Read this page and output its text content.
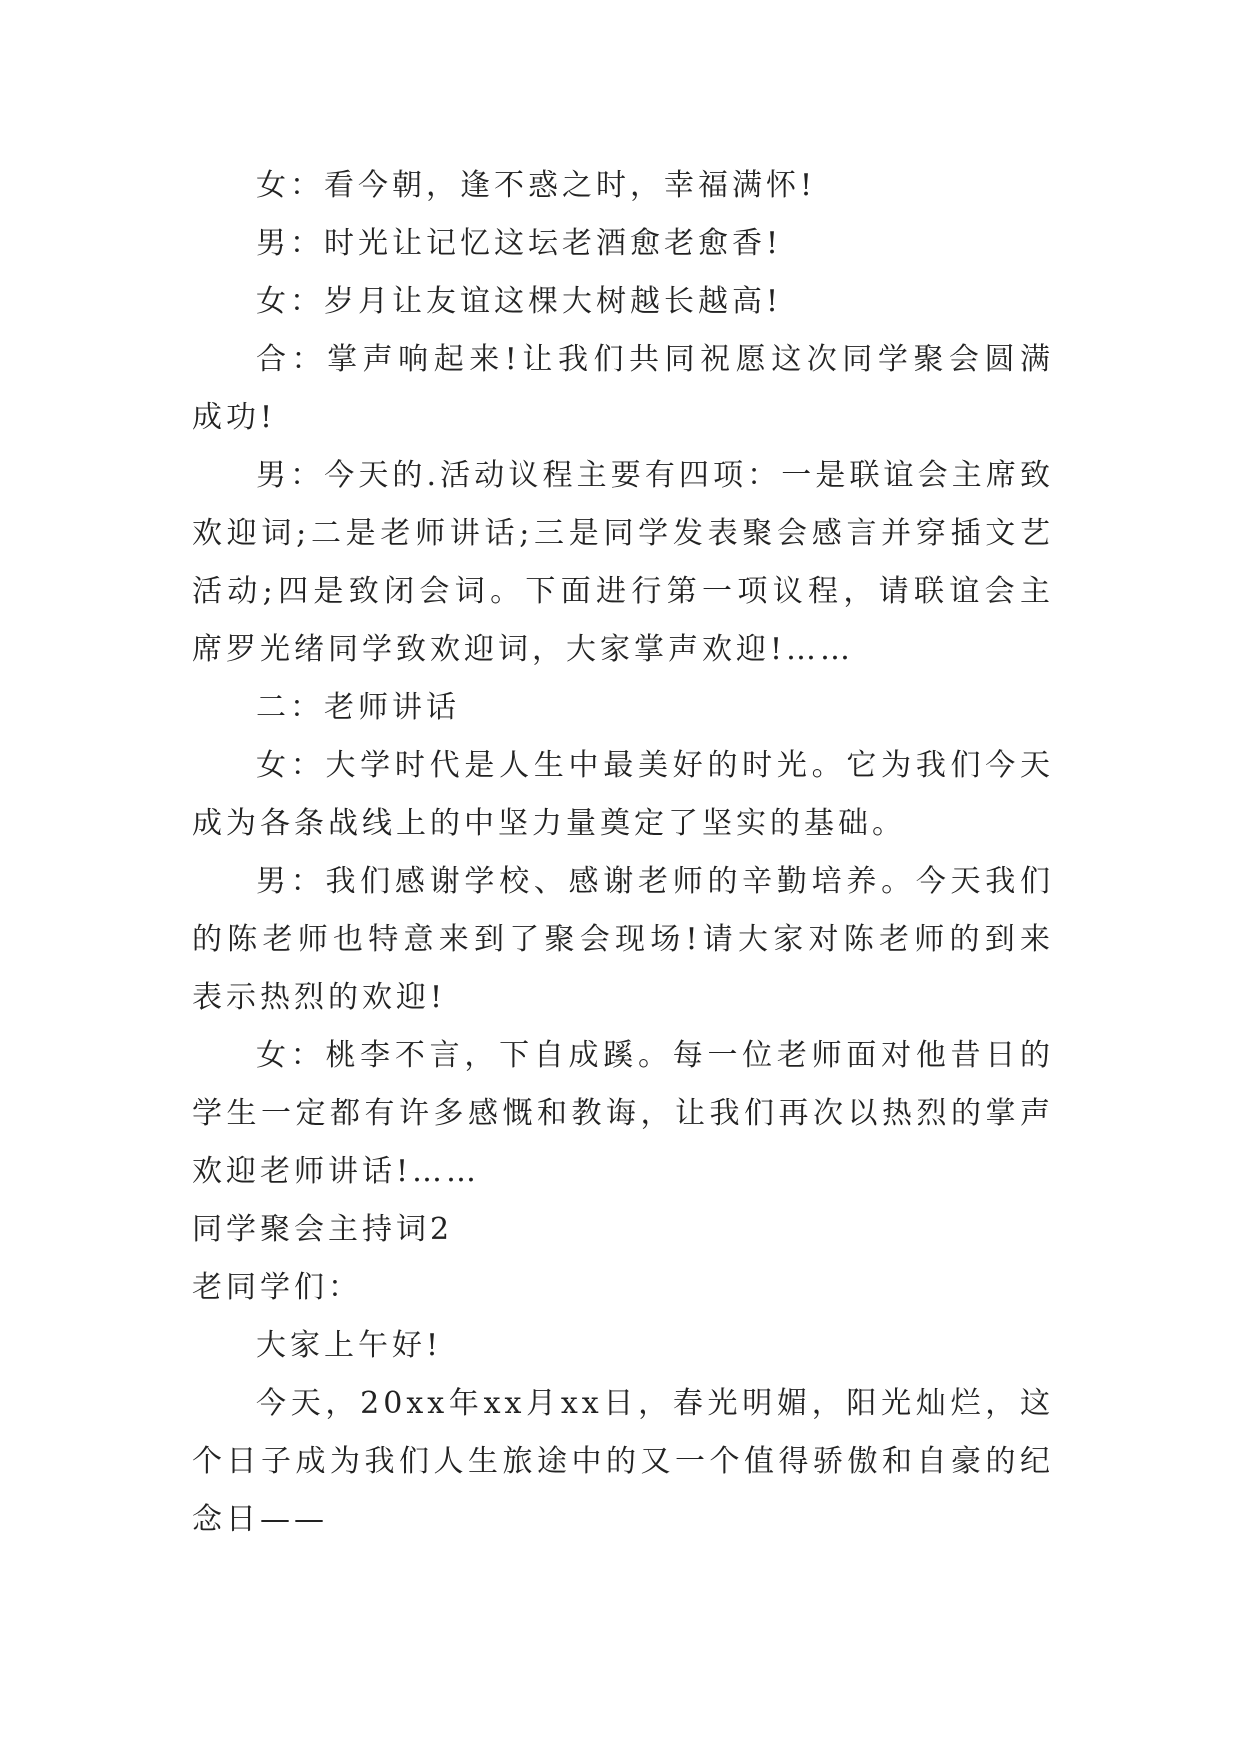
女：看今朝，逢不惑之时，幸福满怀!

男：时光让记忆这坛老酒愈老愈香!

女：岁月让友谊这棵大树越长越高!

合：掌声响起来!让我们共同祝愿这次同学聚会圆满成功!

男：今天的.活动议程主要有四项：一是联谊会主席致欢迎词;二是老师讲话;三是同学发表聚会感言并穿插文艺活动;四是致闭会词。下面进行第一项议程，请联谊会主席罗光绪同学致欢迎词，大家掌声欢迎!……

二：老师讲话

女：大学时代是人生中最美好的时光。它为我们今天成为各条战线上的中坚力量奠定了坚实的基础。

男：我们感谢学校、感谢老师的辛勤培养。今天我们的陈老师也特意来到了聚会现场!请大家对陈老师的到来表示热烈的欢迎!

女：桃李不言，下自成蹊。每一位老师面对他昔日的学生一定都有许多感慨和教诲，让我们再次以热烈的掌声欢迎老师讲话!……

同学聚会主持词2

老同学们：

大家上午好!

今天，20xx年xx月xx日，春光明媚，阳光灿烂，这个日子成为我们人生旅途中的又一个值得骄傲和自豪的纪念日——
